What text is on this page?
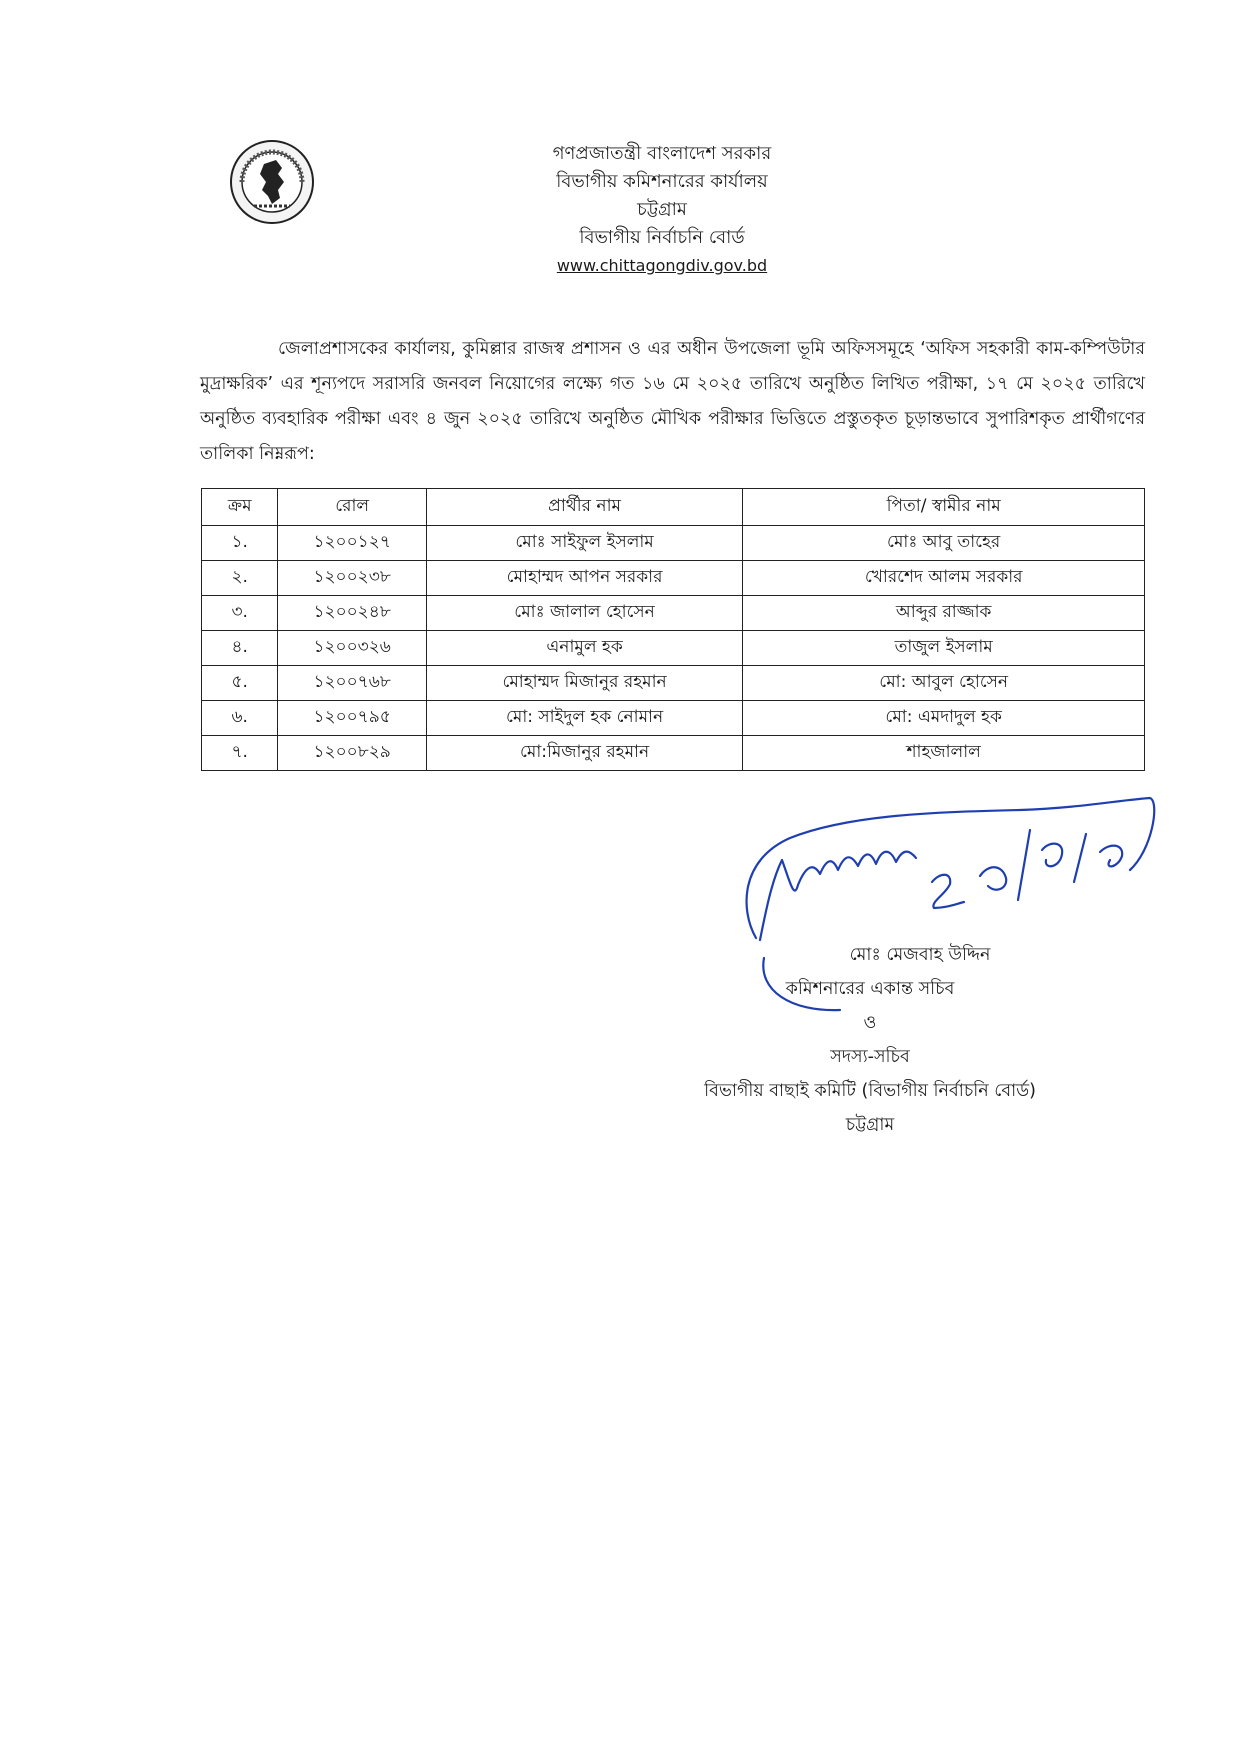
গণপ্রজাতন্ত্রী বাংলাদেশ সরকার
বিভাগীয় কমিশনারের কার্যালয়
চট্টগ্রাম
বিভাগীয় নির্বাচনি বোর্ড
www.chittagongdiv.gov.bd
জেলাপ্রশাসকের কার্যালয়, কুমিল্লার রাজস্ব প্রশাসন ও এর অধীন উপজেলা ভূমি অফিসসমূহে ‘অফিস সহকারী কাম-কম্পিউটার মুদ্রাক্ষরিক’ এর শূন্যপদে সরাসরি জনবল নিয়োগের লক্ষ্যে গত ১৬ মে ২০২৫ তারিখে অনুষ্ঠিত লিখিত পরীক্ষা, ১৭ মে ২০২৫ তারিখে অনুষ্ঠিত ব্যবহারিক পরীক্ষা এবং ৪ জুন ২০২৫ তারিখে অনুষ্ঠিত মৌখিক পরীক্ষার ভিত্তিতে প্রস্তুতকৃত চূড়ান্তভাবে সুপারিশকৃত প্রার্থীগণের তালিকা নিম্নরূপ:
ক্রম	রোল	প্রার্থীর নাম	পিতা/ স্বামীর নাম
১.	১২০০১২৭	মোঃ সাইফুল ইসলাম	মোঃ আবু তাহের
২.	১২০০২৩৮	মোহাম্মদ আপন সরকার	খোরশেদ আলম সরকার
৩.	১২০০২৪৮	মোঃ জালাল হোসেন	আব্দুর রাজ্জাক
৪.	১২০০৩২৬	এনামুল হক	তাজুল ইসলাম
৫.	১২০০৭৬৮	মোহাম্মদ মিজানুর রহমান	মো: আবুল হোসেন
৬.	১২০০৭৯৫	মো: সাইদুল হক নোমান	মো: এমদাদুল হক
৭.	১২০০৮২৯	মো:মিজানুর রহমান	শাহজালাল
২৫/০৬/২৫
মোঃ মেজবাহ উদ্দিন
কমিশনারের একান্ত সচিব
ও
সদস্য-সচিব
বিভাগীয় বাছাই কমিটি (বিভাগীয় নির্বাচনি বোর্ড)
চট্টগ্রাম
